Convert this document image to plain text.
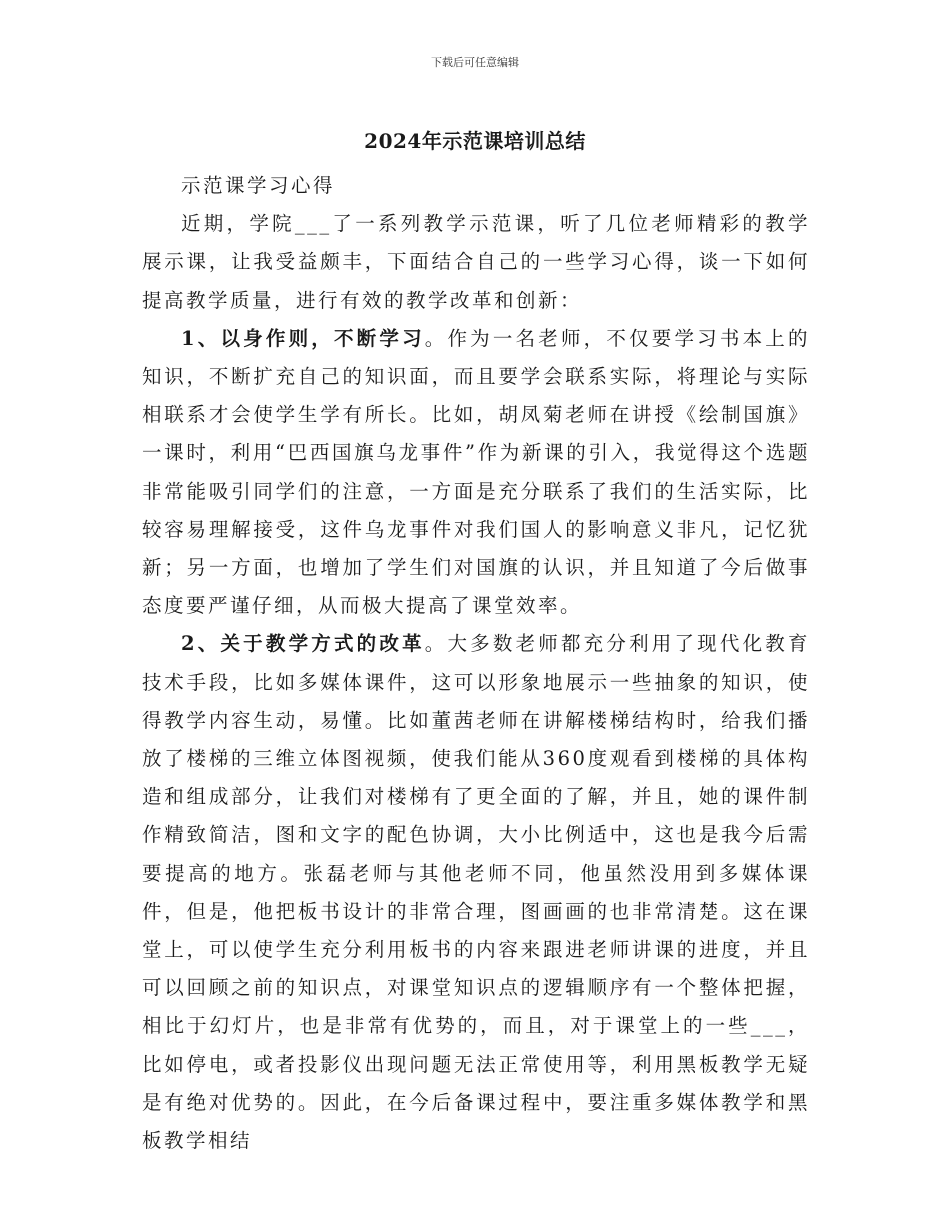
下载后可任意编辑
2024年示范课培训总结

示范课学习心得

近期，学院___了一系列教学示范课，听了几位老师精彩的教学展示课，让我受益颇丰，下面结合自己的一些学习心得，谈一下如何提高教学质量，进行有效的教学改革和创新：

1、以身作则，不断学习。作为一名老师，不仅要学习书本上的知识，不断扩充自己的知识面，而且要学会联系实际，将理论与实际相联系才会使学生学有所长。比如，胡凤菊老师在讲授《绘制国旗》一课时，利用“巴西国旗乌龙事件”作为新课的引入，我觉得这个选题非常能吸引同学们的注意，一方面是充分联系了我们的生活实际，比较容易理解接受，这件乌龙事件对我们国人的影响意义非凡，记忆犹新；另一方面，也增加了学生们对国旗的认识，并且知道了今后做事态度要严谨仔细，从而极大提高了课堂效率。

2、关于教学方式的改革。大多数老师都充分利用了现代化教育技术手段，比如多媒体课件，这可以形象地展示一些抽象的知识，使得教学内容生动，易懂。比如董茜老师在讲解楼梯结构时，给我们播放了楼梯的三维立体图视频，使我们能从360度观看到楼梯的具体构造和组成部分，让我们对楼梯有了更全面的了解，并且，她的课件制作精致简洁，图和文字的配色协调，大小比例适中，这也是我今后需要提高的地方。张磊老师与其他老师不同，他虽然没用到多媒体课件，但是，他把板书设计的非常合理，图画画的也非常清楚。这在课堂上，可以使学生充分利用板书的内容来跟进老师讲课的进度，并且可以回顾之前的知识点，对课堂知识点的逻辑顺序有一个整体把握，相比于幻灯片，也是非常有优势的，而且，对于课堂上的一些___，比如停电，或者投影仪出现问题无法正常使用等，利用黑板教学无疑是有绝对优势的。因此，在今后备课过程中，要注重多媒体教学和黑板教学相结
